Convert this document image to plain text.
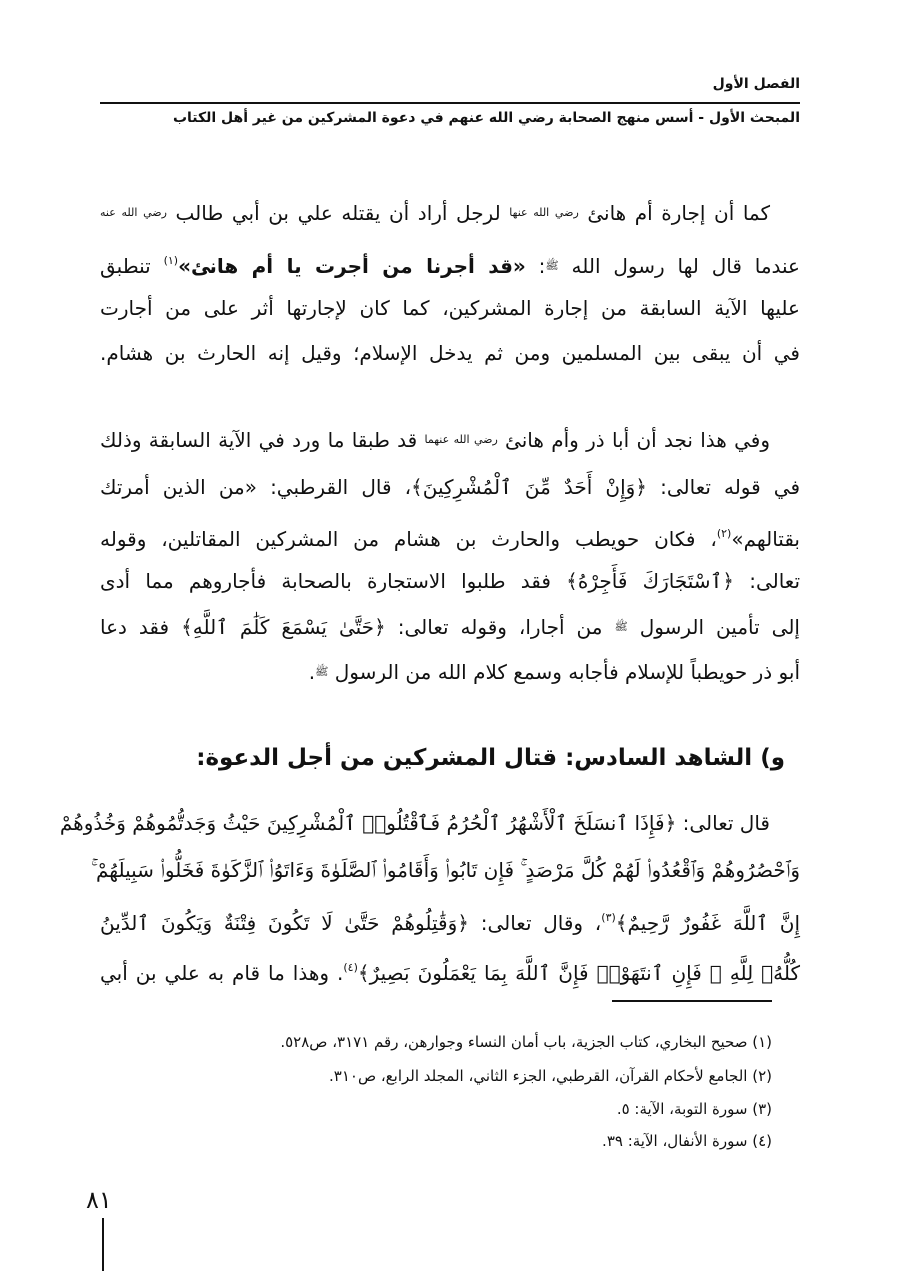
الفصل الأول
المبحث الأول - أسس منهج الصحابة رضي الله عنهم في دعوة المشركين من غير أهل الكتاب
كما أن إجارة أم هانئ $^{رضي الله عنها}$ لرجل أراد أن يقتله علي بن أبي طالب $^{رضي الله عنه}$
عندما قال لها رسول الله $^ﷺ$: «قد أجرنا من أجرت يا أم هانئ»$^{(١)}$ تنطبق
عليها الآية السابقة من إجارة المشركين، كما كان لإجارتها أثر على من أجارت
في أن يبقى بين المسلمين ومن ثم يدخل الإسلام؛ وقيل إنه الحارث بن هشام.
وفي هذا نجد أن أبا ذر وأم هانئ $^{رضي الله عنهما}$ قد طبقا ما ورد في الآية السابقة وذلك
في قوله تعالى: ﴿وَإِنْ أَحَدٌ مِّنَ ٱلْمُشْرِكِينَ﴾، قال القرطبي: «من الذين أمرتك
بقتالهم»$^{(٢)}$، فكان حويطب والحارث بن هشام من المشركين المقاتلين، وقوله
تعالى: ﴿ٱسْتَجَارَكَ فَأَجِرْهُ﴾ فقد طلبوا الاستجارة بالصحابة فأجاروهم مما أدى
إلى تأمين الرسول $^ﷺ$ من أجارا، وقوله تعالى: ﴿حَتَّىٰ يَسْمَعَ كَلَٰمَ ٱللَّهِ﴾ فقد دعا
أبو ذر حويطباً للإسلام فأجابه وسمع كلام الله من الرسول $^ﷺ$.
و) الشاهد السادس: قتال المشركين من أجل الدعوة:
قال تعالى: ﴿فَإِذَا ٱنسَلَخَ ٱلْأَشْهُرُ ٱلْحُرُمُ فَٱقْتُلُوا۟ ٱلْمُشْرِكِينَ حَيْثُ وَجَدتُّمُوهُمْ وَخُذُوهُمْ
وَٱحْصُرُوهُمْ وَٱقْعُدُوا۟ لَهُمْ كُلَّ مَرْصَدٍ ۚ فَإِن تَابُوا۟ وَأَقَامُوا۟ ٱلصَّلَوٰةَ وَءَاتَوُا۟ ٱلزَّكَوٰةَ فَخَلُّوا۟ سَبِيلَهُمْ ۚ
إِنَّ ٱللَّهَ غَفُورٌ رَّحِيمٌ﴾$^{(٣)}$، وقال تعالى: ﴿وَقَٰتِلُوهُمْ حَتَّىٰ لَا تَكُونَ فِتْنَةٌ وَيَكُونَ ٱلدِّينُ
كُلُّهُۥ لِلَّهِ ۚ فَإِنِ ٱنتَهَوْا۟ فَإِنَّ ٱللَّهَ بِمَا يَعْمَلُونَ بَصِيرٌ﴾$^{(٤)}$. وهذا ما قام به علي بن أبي
(١) صحيح البخاري، كتاب الجزية، باب أمان النساء وجوارهن، رقم ٣١٧١، ص٥٢٨.
(٢) الجامع لأحكام القرآن، القرطبي، الجزء الثاني، المجلد الرابع، ص٣١٠.
(٣) سورة التوبة، الآية: ٥.
(٤) سورة الأنفال، الآية: ٣٩.
٨١
